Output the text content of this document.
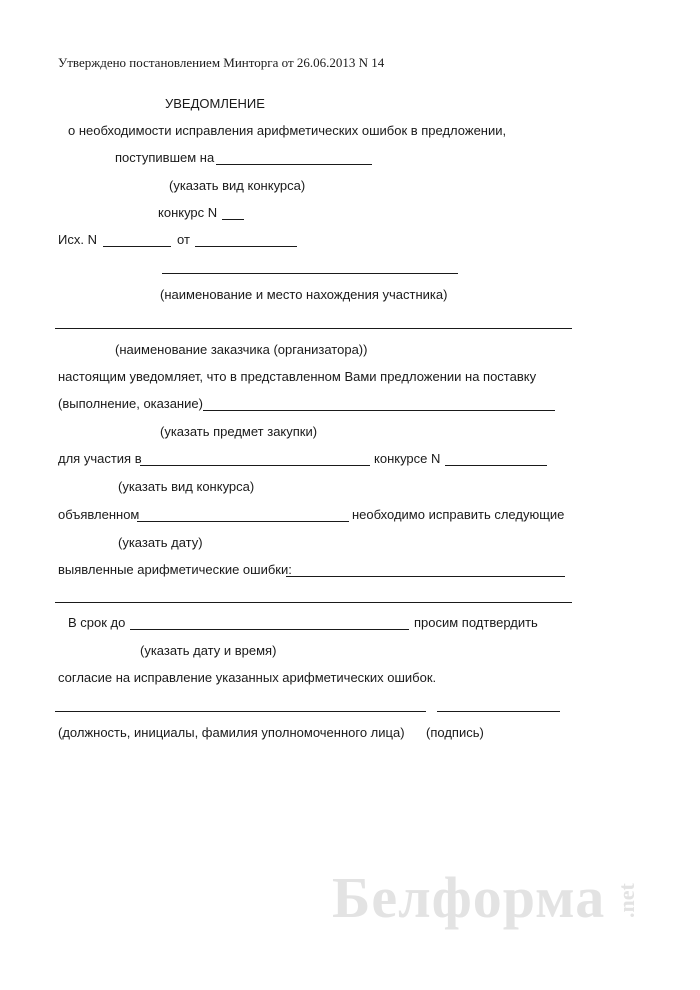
Утверждено постановлением Минторга от 26.06.2013 N 14
УВЕДОМЛЕНИЕ
о необходимости исправления арифметических ошибок в предложении,
поступившем на
(указать вид конкурса)
конкурс N
Исх. N	от
(наименование и место нахождения участника)
(наименование заказчика (организатора))
настоящим уведомляет, что в представленном Вами предложении на поставку
(выполнение, оказание)
(указать предмет закупки)
для участия в	конкурсе N
(указать вид конкурса)
объявленном	необходимо исправить следующие
(указать дату)
выявленные арифметические ошибки:
В срок до	просим подтвердить
(указать дату и время)
согласие на исправление указанных арифметических ошибок.
(должность, инициалы, фамилия уполномоченного лица) (подпись)
Белформа .net
